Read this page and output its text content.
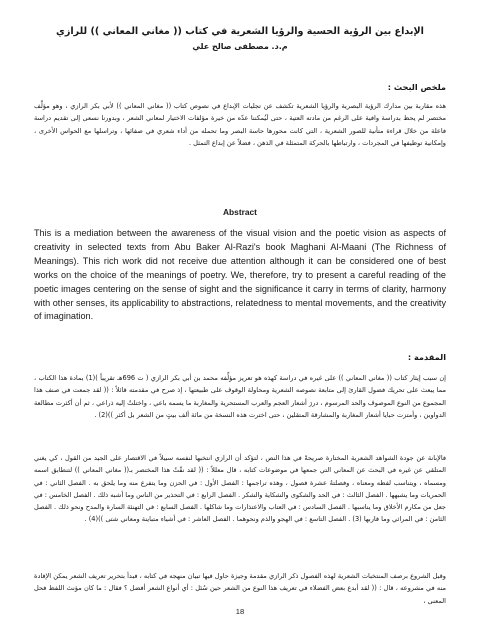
الإبداع بين الرؤية الحسية والرؤيا الشعرية في كتاب (( مغاني المعاني )) للرازي
م.د. مصطفى صالح علي
ملخص البحث :
هذه مقاربة بين مدارك الرؤية البصرية والرؤيا الشعرية تكشف عن تجليات الإبداع في نصوص كتاب (( مغاني المعاني )) لأبي بكر الرازي ، وهو مؤلَّف مختصر لم يحظ بدراسة وافية على الرغم من مادته العتية ، حتى لَيُمكننا عدّه من خيرة مؤلفات الاختيار لمعاني الشعر ، وبدورنا نسعى إلى تقديم دراسة فاعلة من خلال قراءة متأنية للصور الشعرية ، التي كانت محورها حاسة البصر وما تحمله من أداء شعري في صفائها ، وتراسلها مع الحواس الأخرى ، وإمكانية توظيفها في المجردات ، وارتباطها بالحركة المتمثلة في الذهن ، فضلاً عن إبداع التمثل .
Abstract
This is a mediation between the awareness of the visual vision and the poetic vision as aspects of creativity in selected texts from Abu Baker Al-Razi's book Maghani Al-Maani (The Richness of Meanings). This rich work did not receive due attention although it can be considered one of best works on the choice of the meanings of poetry. We, therefore, try to present a careful reading of the poetic images centering on the sense of sight and the significance it carry in terms of clarity, harmony with other senses, its applicability to abstractions, relatedness to mental movements, and the creativity of imagination.
المقدمة :
إن سبب إيثار كتاب (( مغاني المعاني )) على غيره في دراسة كهذه هو تعريز مؤلِّفه محمد بن أبي بكر الرازي ( ت 696هـ تقريباً )(1) بمادة هذا الكتاب ، مما يبعث على تحريك فضول القارئ إلى متابعة نصوصه الشعرية ومحاولة الوقوف على طبيعتها ، إذ صرح في مقدمته قائلاً : (( لقد جمعت في صنف هذا المجموع من النوع الموصوف والحد المرسوم ، دررَ أشعار العجم والعرب المستحرية والمغاربة ما يسمه باعي ، واختلتُ إليه ذراعي ، ثم أن أكثرت مطالعة الدواوين ، وأمتزت حبايا أشعار المغاربة والمشارقة المتقلين ، حتى اخترت هذه النسخة من مائة ألف بيتٍ من الشعر بل أكثر ))(2) .
فالإبانة عن جودة الشواهد الشعرية المختارة صريحةً في هذا النص ، لتؤكد أن الرازي انتخبها لنفسه سبيلاً في الاقتصار على الجيد من القول ، كي يغني المتلقي عن غيره في البحث عن المعاني التي جمعها في موضوعات كتابه ، قال معللاً : (( لقد نقّتُ هذا المختصر بـ(( مغاني المعاني )) لتنطابق اسمه ومسماه ، ويتناسب لفظه ومعناه ، وفصلتهُ عشرة فصول ، وهذه تراجمها : الفصل الأول : في الحزن وما يتفرع منه وما يلحق به . الفصل الثاني : في الحمريات وما يشبهها . الفصل الثالث : في الحد والشكوى والشكاية والشكر . الفصل الرابع : في التحذير من الناس وما أشبه ذلك . الفصل الخامس : في جعل من مكارم الأخلاق وما يناسبها . الفصل السادس : في العتاب والاعتذارات وما شاكلها . الفصل السابع : في التهنئة السارة والمدح ونحو ذلك . الفصل الثامن : في المراثي وما قاربها (3) . الفصل التاسع : في الهجو والذم ونحوهما . الفصل العاشر : في أشياء متباينة ومعاني شتى ))(4) .
وقبل الشروع برصف المنتخبات الشعرية لهذه الفصول ذكر الرازي مقدمة وجيزة حاول فيها تبيان منهجه في كتابه ، فبدأ بتحرير تعريف الشعر يمكن الإفادة منه في مشروعه ، قال : (( لقد أبدع بعض الفضلاء في تعريف هذا النوع من الشعر حين سُئل : أي أنواع الشعر أفضل ؟ فقال : ما كان مؤنث اللفظ فحل المعنى ،
18
